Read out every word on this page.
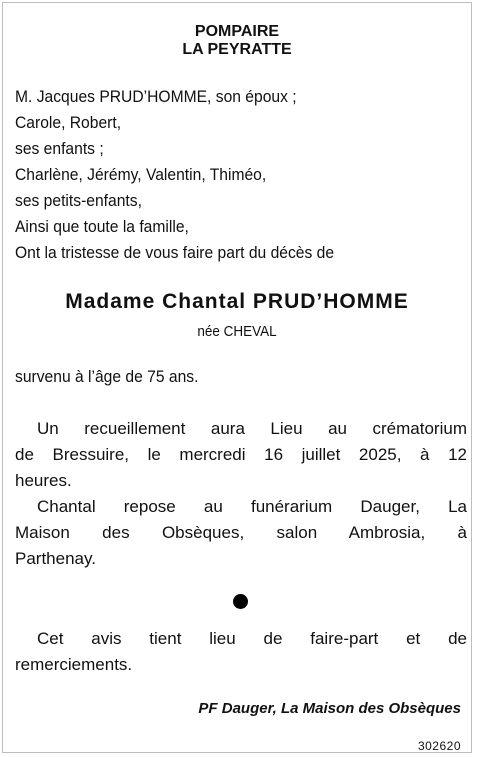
POMPAIRE
LA PEYRATTE
M. Jacques PRUD’HOMME, son époux ;
Carole, Robert,
ses enfants ;
Charlène, Jérémy, Valentin, Thiméo,
ses petits-enfants,
Ainsi que toute la famille,
Ont la tristesse de vous faire part du décès de
Madame Chantal PRUD’HOMME
née CHEVAL
survenu à l’âge de 75 ans.
Un recueillement aura Lieu au crématorium
de Bressuire, le mercredi 16 juillet 2025, à 12
heures.
Chantal repose au funérarium Dauger, La
Maison des Obsèques, salon Ambrosia, à
Parthenay.
Cet avis tient lieu de faire-part et de
remerciements.
PF Dauger, La Maison des Obsèques
302620
